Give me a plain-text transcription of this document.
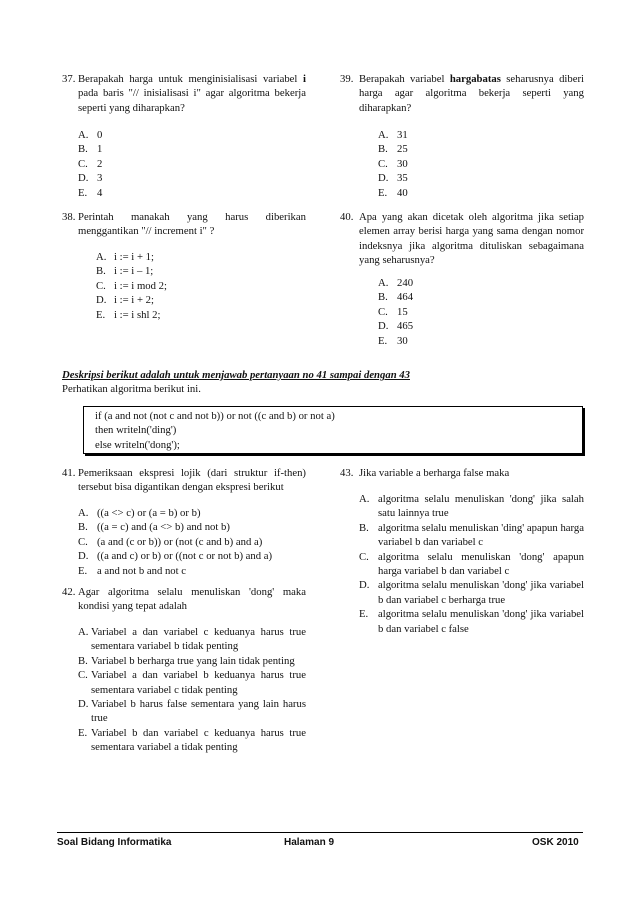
37. Berapakah harga untuk menginisialisasi variabel i pada baris "// inisialisasi i" agar algoritma bekerja seperti yang diharapkan?
A. 0
B. 1
C. 2
D. 3
E. 4
38. Perintah manakah yang harus diberikan menggantikan "// increment i" ?
A. i := i + 1;
B. i := i – 1;
C. i := i mod 2;
D. i := i + 2;
E. i := i shl 2;
39. Berapakah variabel hargabatas seharusnya diberi harga agar algoritma bekerja seperti yang diharapkan?
A. 31
B. 25
C. 30
D. 35
E. 40
40. Apa yang akan dicetak oleh algoritma jika setiap elemen array berisi harga yang sama dengan nomor indeksnya jika algoritma dituliskan sebagaimana yang seharusnya?
A. 240
B. 464
C. 15
D. 465
E. 30
Deskripsi berikut adalah untuk menjawab pertanyaan no 41 sampai dengan 43
Perhatikan algoritma berikut ini.
if (a and not (not c and not b)) or not ((c and b) or not a)
then writeln('ding')
else writeln('dong');
41. Pemeriksaan ekspresi lojik (dari struktur if-then) tersebut bisa digantikan dengan ekspresi berikut
A. ((a <> c) or (a = b) or b)
B. ((a = c) and (a <> b) and not b)
C. (a and (c or b)) or (not (c and b) and a)
D. ((a and c) or b) or ((not c or not b) and a)
E. a and not b and not c
42. Agar algoritma selalu menuliskan 'dong' maka kondisi yang tepat adalah
A. Variabel a dan variabel c keduanya harus true sementara variabel b tidak penting
B. Variabel b berharga true yang lain tidak penting
C. Variabel a dan variabel b keduanya harus true sementara variabel c tidak penting
D. Variabel b harus false sementara yang lain harus true
E. Variabel b dan variabel c keduanya harus true sementara variabel a tidak penting
43. Jika variable a berharga false maka
A. algoritma selalu menuliskan 'dong' jika salah satu lainnya true
B. algoritma selalu menuliskan 'ding' apapun harga variabel b dan variabel c
C. algoritma selalu menuliskan 'dong' apapun harga variabel b dan variabel c
D. algoritma selalu menuliskan 'dong' jika variabel b dan variabel c berharga true
E. algoritma selalu menuliskan 'dong' jika variabel b dan variabel c false
Soal Bidang Informatika	Halaman 9	OSK 2010
